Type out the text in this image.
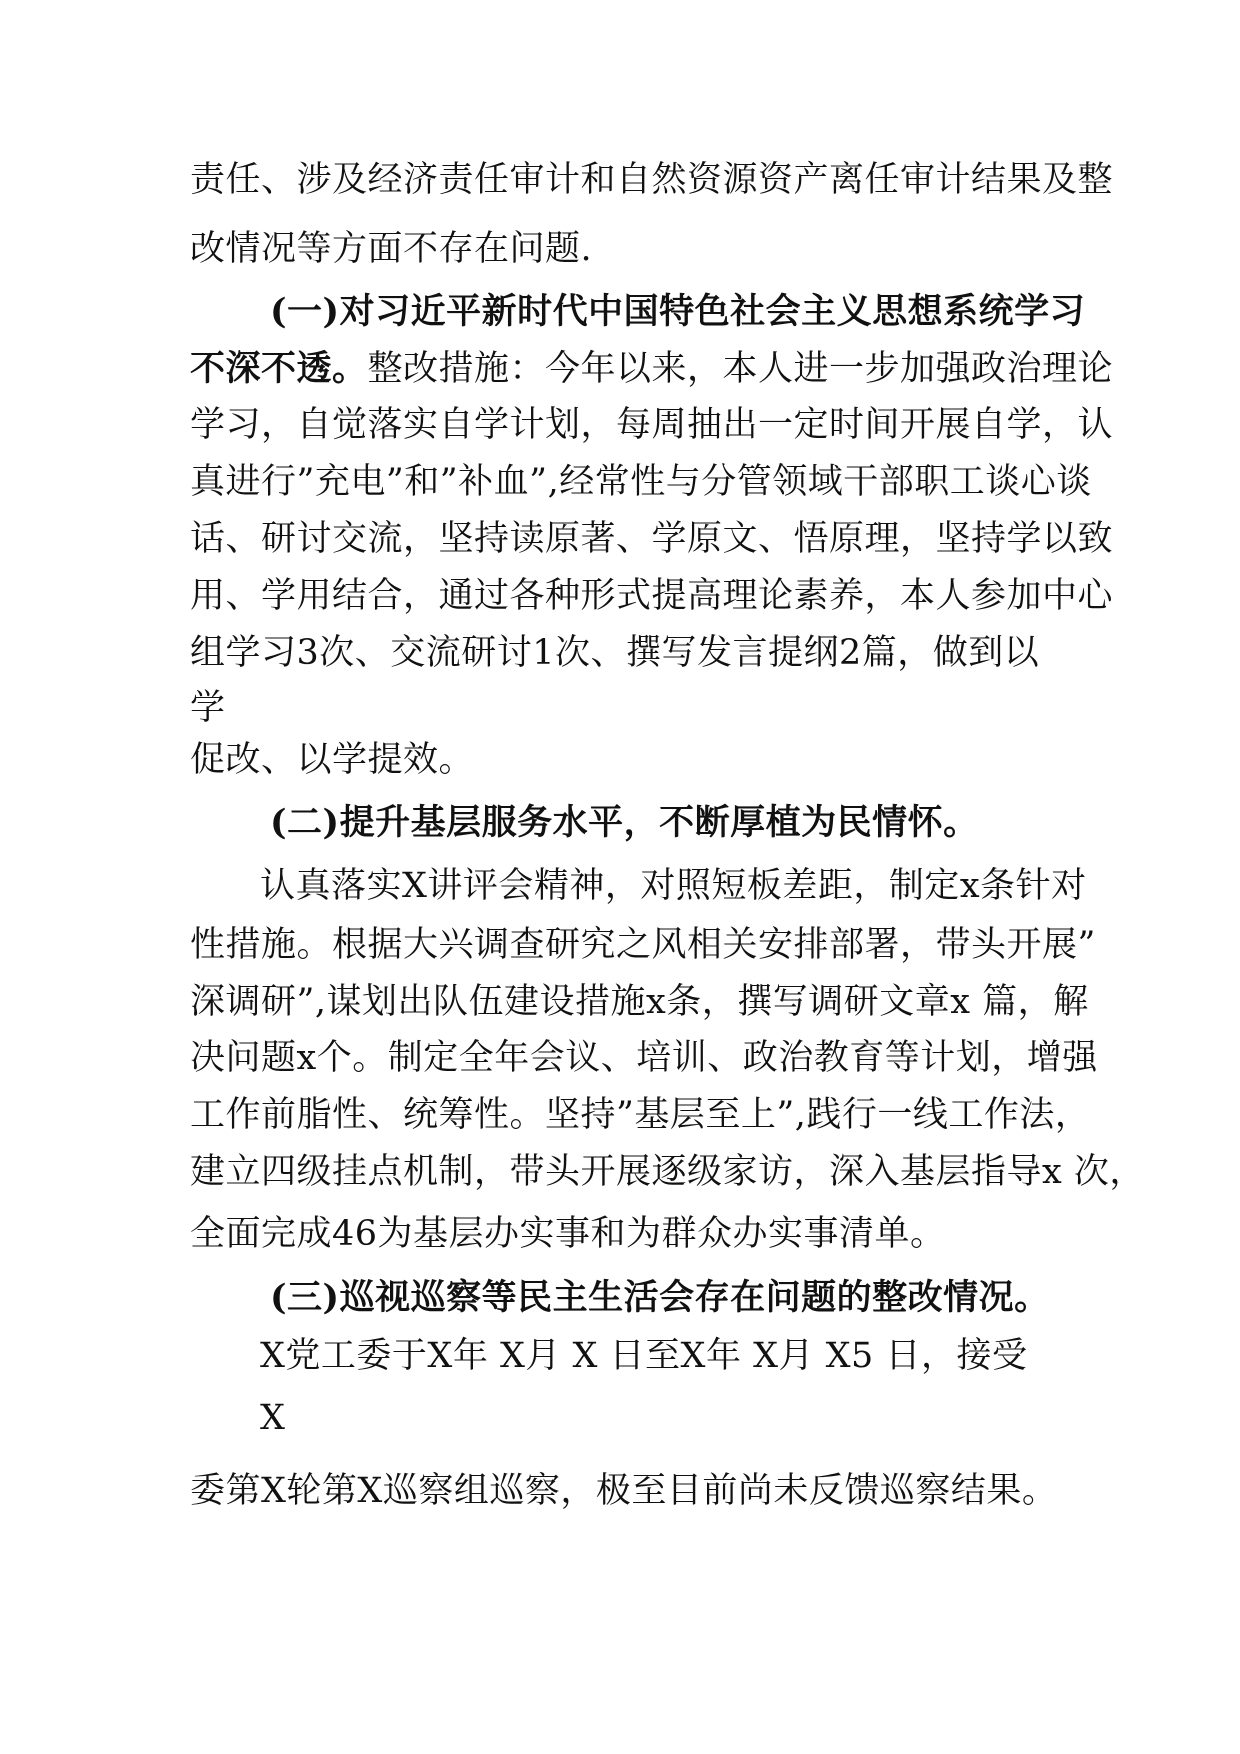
责任、涉及经济责任审计和自然资源资产离任审计结果及整
改情况等方面不存在问题.
(一)对习近平新时代中国特色社会主义思想系统学习
不深不透。整改措施：今年以来，本人进一步加强政治理论
学习，自觉落实自学计划，每周抽出一定时间开展自学，认
真进行”充电”和”补血”,经常性与分管领域干部职工谈心谈
话、研讨交流，坚持读原著、学原文、悟原理，坚持学以致
用、学用结合，通过各种形式提高理论素养，本人参加中心
组学习3次、交流研讨1次、撰写发言提纲2篇，做到以
学
促改、以学提效。
(二)提升基层服务水平，不断厚植为民情怀。
认真落实X讲评会精神，对照短板差距，制定x条针对
性措施。根据大兴调查研究之风相关安排部署，带头开展”
深调研”,谋划出队伍建设措施x条，撰写调研文章x 篇，解
决问题x个。制定全年会议、培训、政治教育等计划，增强
工作前脂性、统筹性。坚持”基层至上”,践行一线工作法，
建立四级挂点机制，带头开展逐级家访，深入基层指导x 次，
全面完成46为基层办实事和为群众办实事清单。
(三)巡视巡察等民主生活会存在问题的整改情况。
X党工委于X年 X月 X 日至X年 X月 X5 日，接受
X
委第X轮第X巡察组巡察，极至目前尚未反馈巡察结果。
